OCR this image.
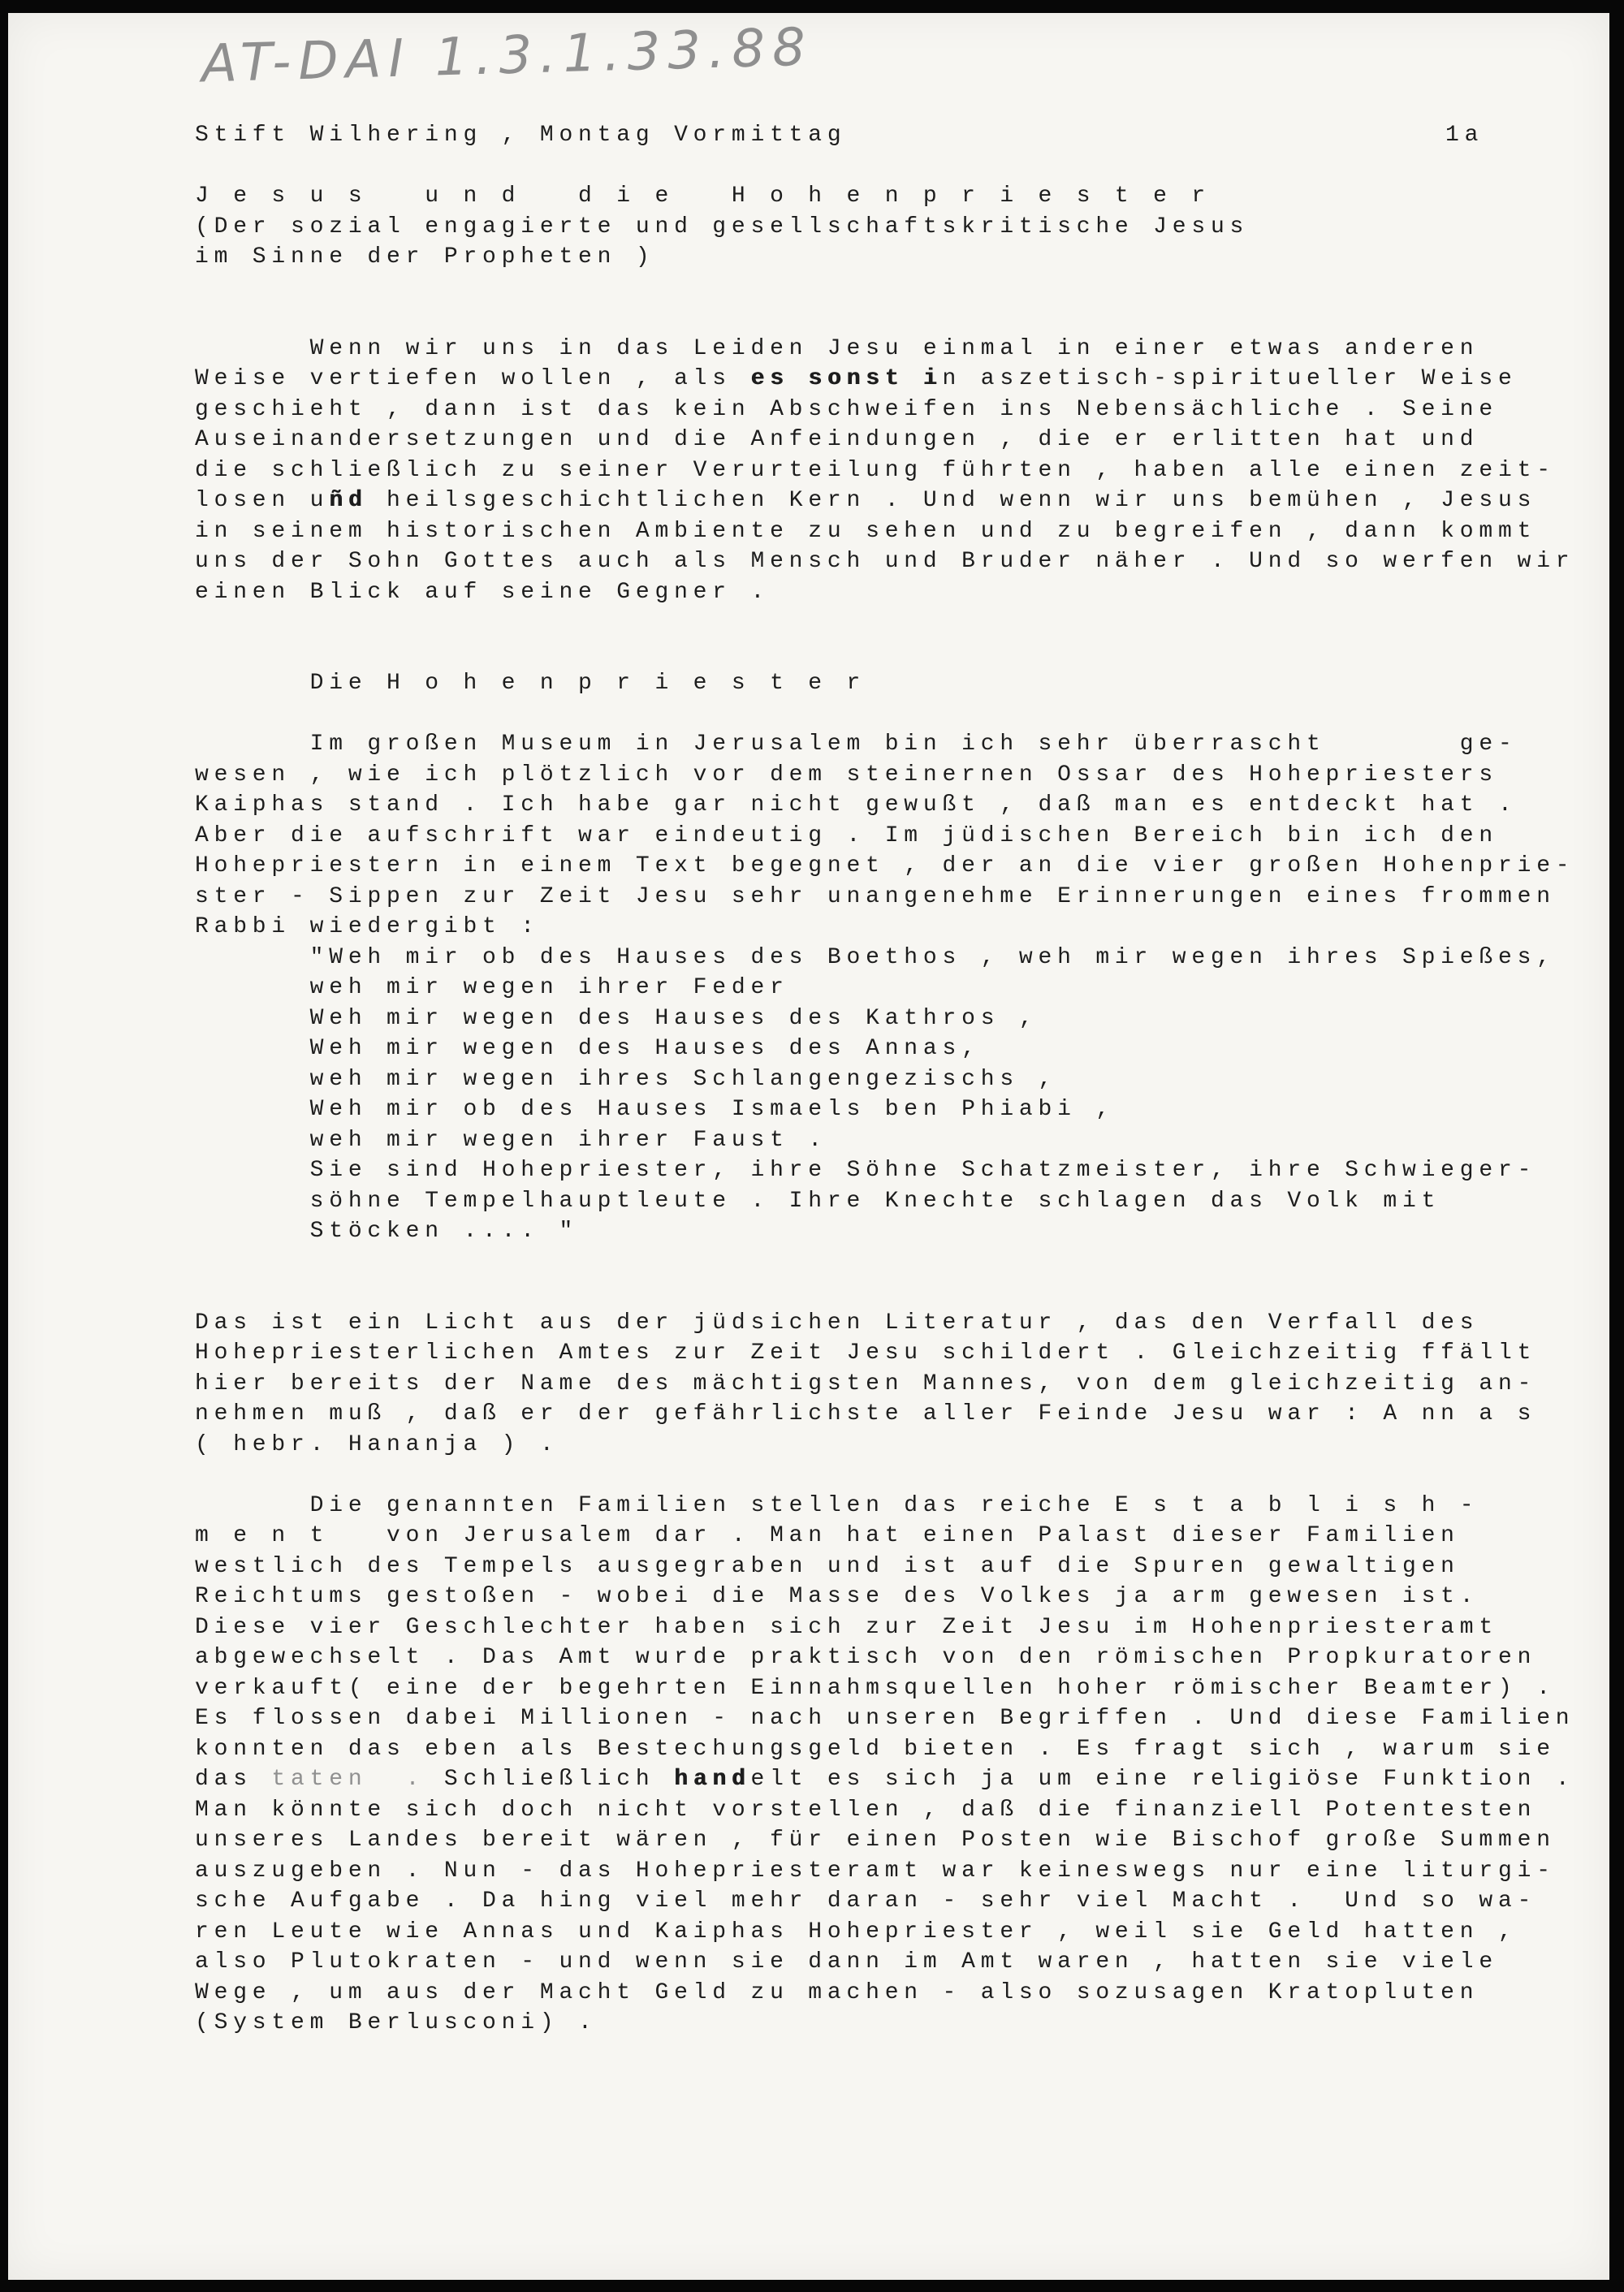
AT-DAI 1.3.1.33.88
1a
Stift Wilhering , Montag Vormittag

J e s u s   u n d   d i e   H o h e n p r i e s t e r
(Der sozial engagierte und gesellschaftskritische Jesus
im Sinne der Propheten )

Wenn wir uns in das Leiden Jesu einmal in einer etwas anderen
Weise vertiefen wollen , als es sonst in aszetisch-spiritueller Weise
geschieht , dann ist das kein Abschweifen ins Nebensächliche . Seine
Auseinandersetzungen und die Anfeindungen , die er erlitten hat und
die schließlich zu seiner Verurteilung führten , haben alle einen zeit-
losen uñd heilsgeschichtlichen Kern . Und wenn wir uns bemühen , Jesus
in seinem historischen Ambiente zu sehen und zu begreifen , dann kommt
uns der Sohn Gottes auch als Mensch und Bruder näher . Und so werfen wir
einen Blick auf seine Gegner .

Die H o h e n p r i e s t e r

Im großen Museum in Jerusalem bin ich sehr überrascht       ge-
wesen , wie ich plötzlich vor dem steinernen Ossar des Hohepriesters
Kaiphas stand . Ich habe gar nicht gewußt , daß man es entdeckt hat .
Aber die aufschrift war eindeutig . Im jüdischen Bereich bin ich den
Hohepriestern in einem Text begegnet , der an die vier großen Hohenprie-
ster - Sippen zur Zeit Jesu sehr unangenehme Erinnerungen eines frommen
Rabbi wiedergibt :
"Weh mir ob des Hauses des Boethos , weh mir wegen ihres Spießes,
weh mir wegen ihrer Feder
Weh mir wegen des Hauses des Kathros ,
Weh mir wegen des Hauses des Annas,
weh mir wegen ihres Schlangengezischs ,
Weh mir ob des Hauses Ismaels ben Phiabi ,
weh mir wegen ihrer Faust .
Sie sind Hohepriester, ihre Söhne Schatzmeister, ihre Schwieger-
söhne Tempelhauptleute . Ihre Knechte schlagen das Volk mit
Stöcken .... "

Das ist ein Licht aus der jüdsichen Literatur , das den Verfall des
Hohepriesterlichen Amtes zur Zeit Jesu schildert . Gleichzeitig ffällt
hier bereits der Name des mächtigsten Mannes, von dem gleichzeitig an-
nehmen muß , daß er der gefährlichste aller Feinde Jesu war : A nn a s
( hebr. Hananja ) .

Die genannten Familien stellen das reiche E s t a b l i s h -
m e n t   von Jerusalem dar . Man hat einen Palast dieser Familien
westlich des Tempels ausgegraben und ist auf die Spuren gewaltigen
Reichtums gestoßen - wobei die Masse des Volkes ja arm gewesen ist.
Diese vier Geschlechter haben sich zur Zeit Jesu im Hohenpriesteramt
abgewechselt . Das Amt wurde praktisch von den römischen Propkuratoren
verkauft( eine der begehrten Einnahmsquellen hoher römischer Beamter) .
Es flossen dabei Millionen - nach unseren Begriffen . Und diese Familien
konnten das eben als Bestechungsgeld bieten . Es fragt sich , warum sie
das taten  . Schließlich handelt es sich ja um eine religiöse Funktion .
Man könnte sich doch nicht vorstellen , daß die finanziell Potentesten
unseres Landes bereit wären , für einen Posten wie Bischof große Summen
auszugeben . Nun - das Hohepriesteramt war keineswegs nur eine liturgi-
sche Aufgabe . Da hing viel mehr daran - sehr viel Macht .  Und so wa-
ren Leute wie Annas und Kaiphas Hohepriester , weil sie Geld hatten ,
also Plutokraten - und wenn sie dann im Amt waren , hatten sie viele
Wege , um aus der Macht Geld zu machen - also sozusagen Kratopluten
(System Berlusconi) .
